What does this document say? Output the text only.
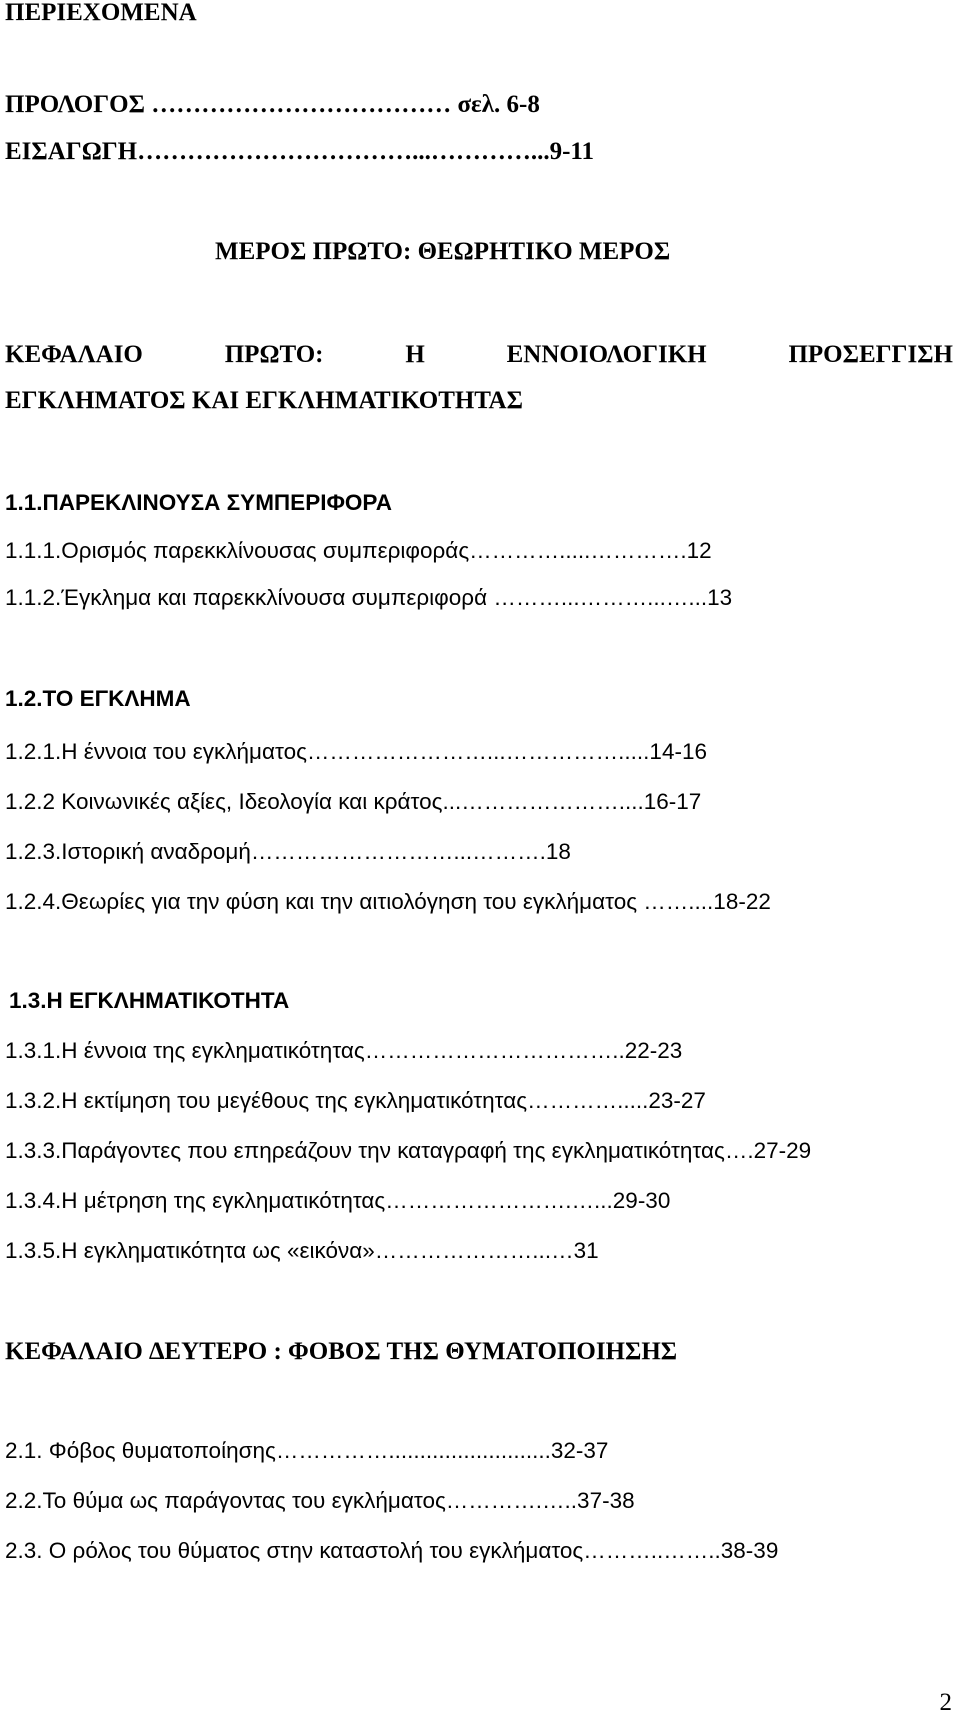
ΠΕΡΙΕΧΟΜΕΝΑ
ΠΡΟΛΟΓΟΣ ……………………………… σελ. 6-8
ΕΙΣΑΓΩΓΗ……………………………...…………...9-11
ΜΕΡΟΣ ΠΡΩΤΟ: ΘΕΩΡΗΤΙΚΟ ΜΕΡΟΣ
ΚΕΦΑΛΑΙΟ	ΠΡΩΤΟ:	Η	ΕΝΝΟΙΟΛΟΓΙΚΗ	ΠΡΟΣΕΓΓΙΣΗ
ΕΓΚΛΗΜΑΤΟΣ ΚΑΙ ΕΓΚΛΗΜΑΤΙΚΟΤΗΤΑΣ
1.1.ΠΑΡΕΚΛΙΝΟΥΣΑ ΣΥΜΠΕΡΙΦΟΡΑ
1.1.1.Ορισμός παρεκκλίνουσας συμπεριφοράς………….....………….12
1.1.2.Έγκλημα και παρεκκλίνουσα συμπεριφορά ………...………...…...13
1.2.ΤΟ ΕΓΚΛΗΜΑ
1.2.1.Η έννοια του εγκλήματος……………………...…………….....14-16
1.2.2 Κοινωνικές αξίες, Ιδεολογία και κράτος...…………………....16-17
1.2.3.Ιστορική αναδρομή………………………...……….18
1.2.4.Θεωρίες για την φύση και την αιτιολόγηση του εγκλήματος ……....18-22
1.3.Η ΕΓΚΛΗΜΑΤΙΚΟΤΗΤΑ
1.3.1.Η έννοια της εγκληματικότητας……………………………..22-23
1.3.2.Η εκτίμηση του μεγέθους της εγκληματικότητας………….....23-27
1.3.3.Παράγοντες που επηρεάζουν την καταγραφή της εγκληματικότητας….27-29
1.3.4.Η μέτρηση της εγκληματικότητας…………………….…...29-30
1.3.5.Η εγκληματικότητα ως «εικόνα»…………………...…31
ΚΕΦΑΛΑΙΟ ∆ΕΥΤΕΡΟ : ΦΟΒΟΣ ΤΗΣ ΘΥΜΑΤΟΠΟΙΗΣΗΣ
2.1. Φόβος θυματοποίησης……………..........................32-37
2.2.Το θύμα ως παράγοντας του εγκλήματος………….…..37-38
2.3. Ο ρόλος του θύματος στην καταστολή του εγκλήματος………..……..38-39
2
